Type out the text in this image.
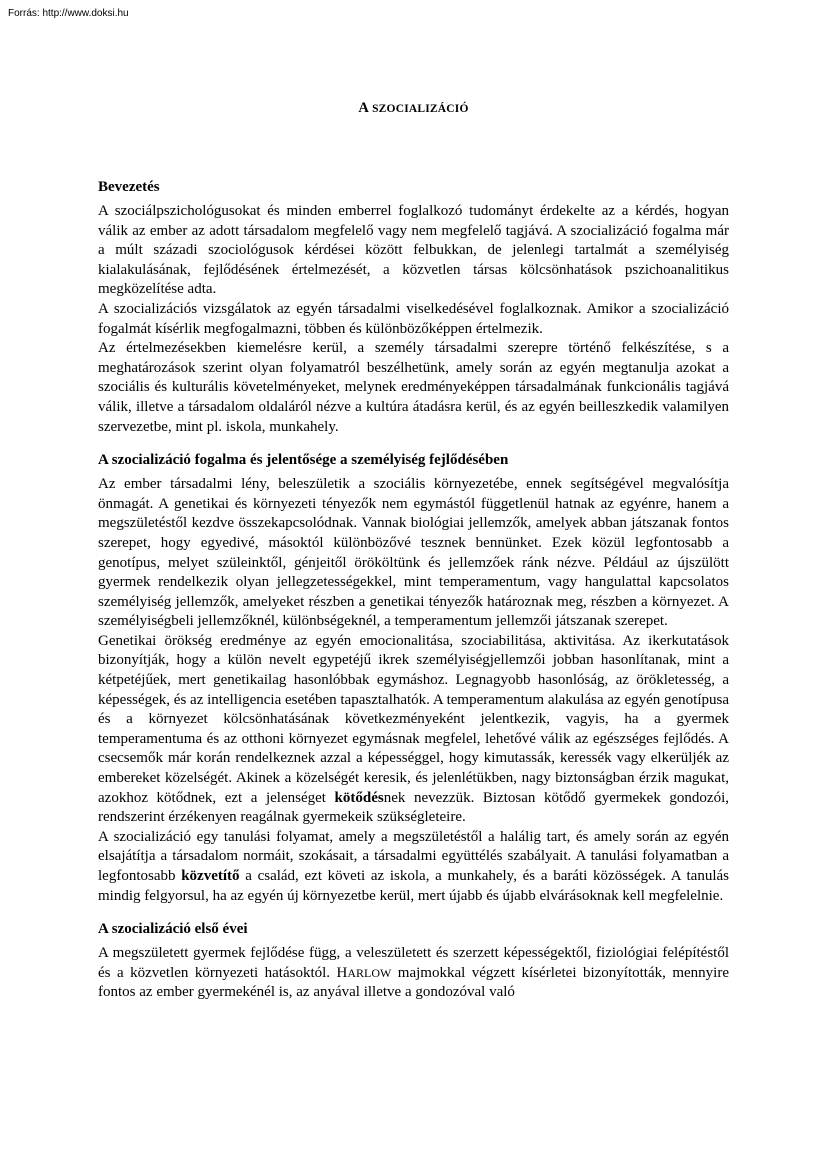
Forrás: http://www.doksi.hu
A SZOCIALIZÁCIÓ
Bevezetés

A szociálpszichológusokat és minden emberrel foglalkozó tudományt érdekelte az a kérdés, hogyan válik az ember az adott társadalom megfelelő vagy nem megfelelő tagjává. A szocializáció fogalma már a múlt századi szociológusok kérdései között felbukkan, de jelenlegi tartalmát a személyiség kialakulásának, fejlődésének értelmezését, a közvetlen társas kölcsönhatások pszichoanalitikus megközelítése adta.

A szocializációs vizsgálatok az egyén társadalmi viselkedésével foglalkoznak. Amikor a szocializáció fogalmát kísérlik megfogalmazni, többen és különbözőképpen értelmezik.

Az értelmezésekben kiemelésre kerül, a személy társadalmi szerepre történő felkészítése, s a meghatározások szerint olyan folyamatról beszélhetünk, amely során az egyén megtanulja azokat a szociális és kulturális követelményeket, melynek eredményeképpen társadalmának funkcionális tagjává válik, illetve a társadalom oldaláról nézve a kultúra átadásra kerül, és az egyén beilleszkedik valamilyen szervezetbe, mint pl. iskola, munkahely.

A szocializáció fogalma és jelentősége a személyiség fejlődésében

Az ember társadalmi lény, beleszületik a szociális környezetébe, ennek segítségével megvalósítja önmagát. A genetikai és környezeti tényezők nem egymástól függetlenül hatnak az egyénre, hanem a megszületéstől kezdve összekapcsolódnak. Vannak biológiai jellemzők, amelyek abban játszanak fontos szerepet, hogy egyedivé, másoktól különbözővé tesznek bennünket. Ezek közül legfontosabb a genotípus, melyet szüleinktől, génjeitől örököltünk és jellemzőek ránk nézve. Például az újszülött gyermek rendelkezik olyan jellegzetességekkel, mint temperamentum, vagy hangulattal kapcsolatos személyiség jellemzők, amelyeket részben a genetikai tényezők határoznak meg, részben a környezet. A személyiségbeli jellemzőknél, különbségeknél, a temperamentum jellemzői játszanak szerepet.

Genetikai örökség eredménye az egyén emocionalitása, szociabilitása, aktivitása. Az ikerkutatások bizonyítják, hogy a külön nevelt egypetéjű ikrek személyiségjellemzői jobban hasonlítanak, mint a kétpetéjűek, mert genetikailag hasonlóbbak egymáshoz. Legnagyobb hasonlóság, az örökletesség, a képességek, és az intelligencia esetében tapasztalhatók. A temperamentum alakulása az egyén genotípusa és a környezet kölcsönhatásának következményeként jelentkezik, vagyis, ha a gyermek temperamentuma és az otthoni környezet egymásnak megfelel, lehetővé válik az egészséges fejlődés. A csecsemők már korán rendelkeznek azzal a képességgel, hogy kimutassák, keressék vagy elkerüljék az embereket közelségét. Akinek a közelségét keresik, és jelenlétükben, nagy biztonságban érzik magukat, azokhoz kötődnek, ezt a jelenséget kötődésnek nevezzük. Biztosan kötődő gyermekek gondozói, rendszerint érzékenyen reagálnak gyermekeik szükségleteire.

A szocializáció egy tanulási folyamat, amely a megszületéstől a halálig tart, és amely során az egyén elsajátítja a társadalom normáit, szokásait, a társadalmi együttélés szabályait. A tanulási folyamatban a legfontosabb közvetítő a család, ezt követi az iskola, a munkahely, és a baráti közösségek. A tanulás mindig felgyorsul, ha az egyén új környezetbe kerül, mert újabb és újabb elvárásoknak kell megfelelnie.

A szocializáció első évei

A megszületett gyermek fejlődése függ, a veleszületett és szerzett képességektől, fiziológiai felépítéstől és a közvetlen környezeti hatásoktól. HARLOW majmokkal végzett kísérletei bizonyították, mennyire fontos az ember gyermekénél is, az anyával illetve a gondozóval való
